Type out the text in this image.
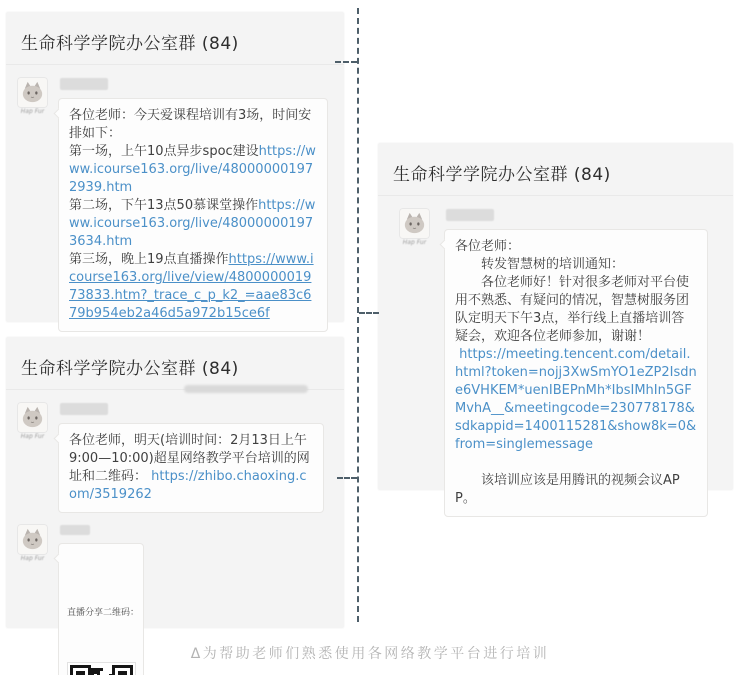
生命科学学院办公室群 (84)
Hap Fur	各位老师：今天爱课程培训有3场，时间安排如下：
第一场，上午10点异步spoc建设https://www.icourse163.org/live/480000001972939.htm
第二场，下午13点50慕课堂操作https://www.icourse163.org/live/480000001973634.htm
第三场，晚上19点直播操作https://www.icourse163.org/live/view/480000001973833.htm?_trace_c_p_k2_=aae83c679b954eb2a46d5a972b15ce6f
生命科学学院办公室群 (84)
Hap Fur	各位老师，明天(培训时间：2月13日上午9:00—10:00)超星网络教学平台培训的网址和二维码： https://zhibo.chaoxing.com/3519262
Hap Fur

直播分享二维码：

生命科学学院办公室群 (84)
Hap Fur	各位老师：
　　转发智慧树的培训通知：
　　各位老师好！针对很多老师对平台使用不熟悉、有疑问的情况，智慧树服务团队定明天下午3点，举行线上直播培训答疑会，欢迎各位老师参加，谢谢！
https://meeting.tencent.com/detail.html?token=nojj3XwSmYO1eZP2Isdne6VHKEM*uenIBEPnMh*IbsIMhIn5GFMvhA__&meetingcode=230778178&sdkappid=1400115281&show8k=0&from=singlemessage

　　该培训应该是用腾讯的视频会议APP。
Δ为帮助老师们熟悉使用各网络教学平台进行培训
